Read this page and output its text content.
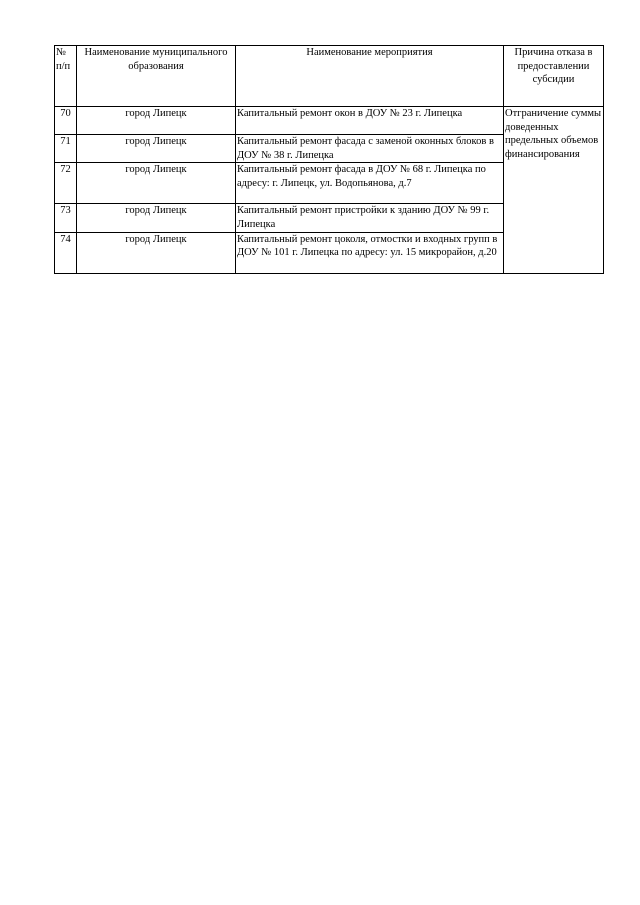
№ п/п	Наименование муниципального образования	Наименование мероприятия	Причина отказа в предоставлении субсидии
70	город Липецк	Капитальный ремонт окон в ДОУ № 23 г. Липецка	Отграничение суммы доведенных предельных объемов финансирования
71	город Липецк	Капитальный ремонт фасада с заменой оконных блоков в ДОУ № 38 г. Липецка	
72	город Липецк	Капитальный ремонт фасада в ДОУ № 68 г. Липецка по адресу: г. Липецк, ул. Водопьянова, д.7	
73	город Липецк	Капитальный ремонт пристройки к зданию ДОУ № 99 г. Липецка	
74	город Липецк	Капитальный ремонт цоколя, отмостки и входных групп в ДОУ № 101 г. Липецка по адресу: ул. 15 микрорайон, д.20	
